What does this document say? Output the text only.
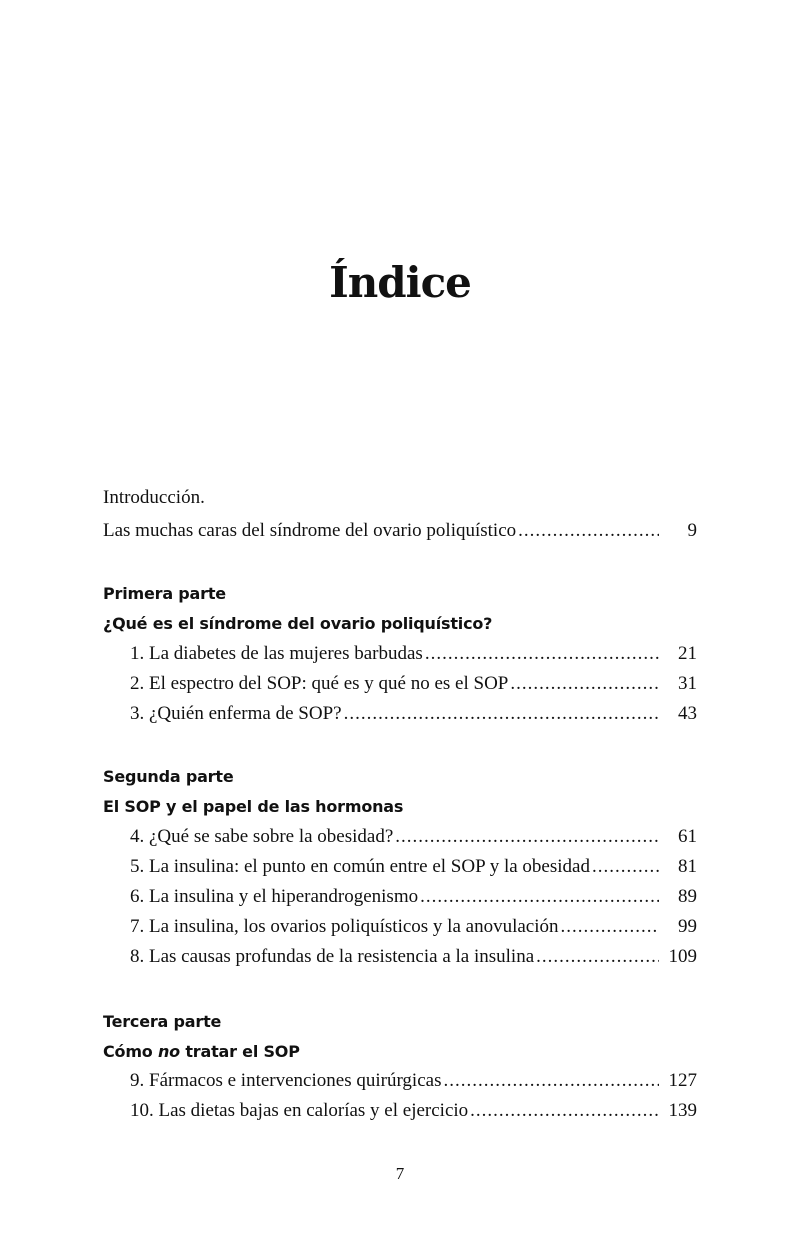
Índice
Introducción.
Las muchas caras del síndrome del ovario poliquístico .....	9
Primera parte
¿Qué es el síndrome del ovario poliquístico?
1. La diabetes de las mujeres barbudas .....	21
2. El espectro del SOP: qué es y qué no es el SOP .....	31
3. ¿Quién enferma de SOP? .....	43
Segunda parte
El SOP y el papel de las hormonas
4. ¿Qué se sabe sobre la obesidad? .....	61
5. La insulina: el punto en común entre el SOP y la obesidad .....	81
6. La insulina y el hiperandrogenismo .....	89
7. La insulina, los ovarios poliquísticos y la anovulación .....	99
8. Las causas profundas de la resistencia a la insulina .....	109
Tercera parte
Cómo no tratar el SOP
9. Fármacos e intervenciones quirúrgicas .....	127
10. Las dietas bajas en calorías y el ejercicio .....	139
7
